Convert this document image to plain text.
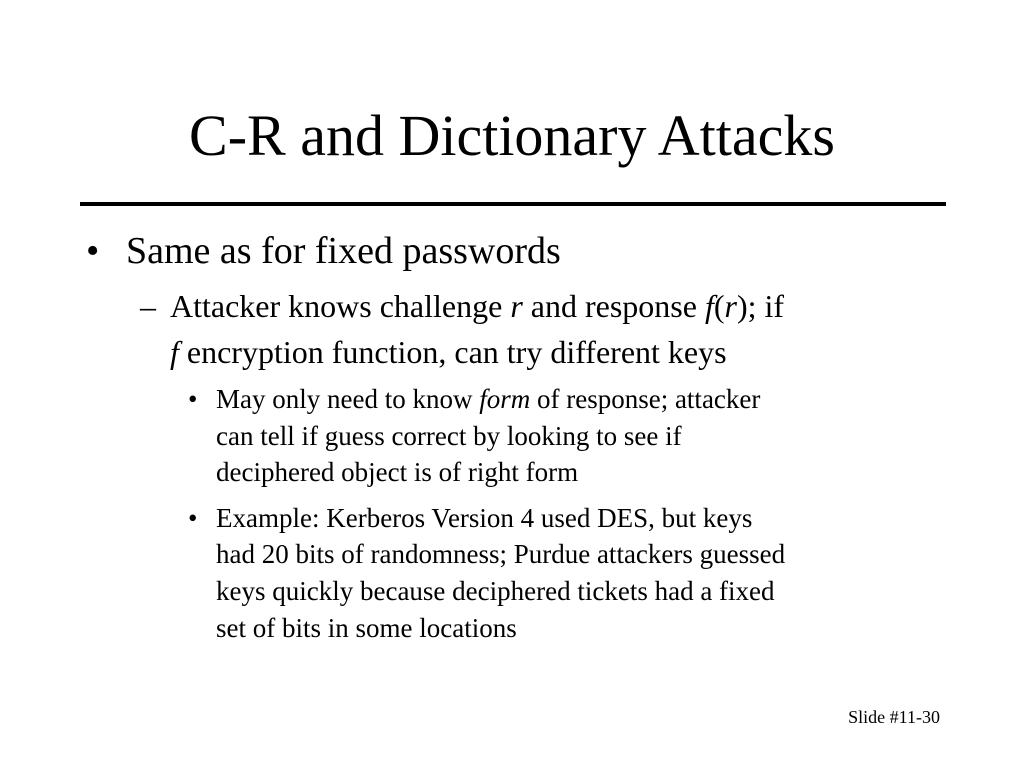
C-R and Dictionary Attacks
• Same as for fixed passwords
– Attacker knows challenge r and response f(r); if
f encryption function, can try different keys
• May only need to know form of response; attacker
can tell if guess correct by looking to see if
deciphered object is of right form
• Example: Kerberos Version 4 used DES, but keys
had 20 bits of randomness; Purdue attackers guessed
keys quickly because deciphered tickets had a fixed
set of bits in some locations
Slide #11-30
